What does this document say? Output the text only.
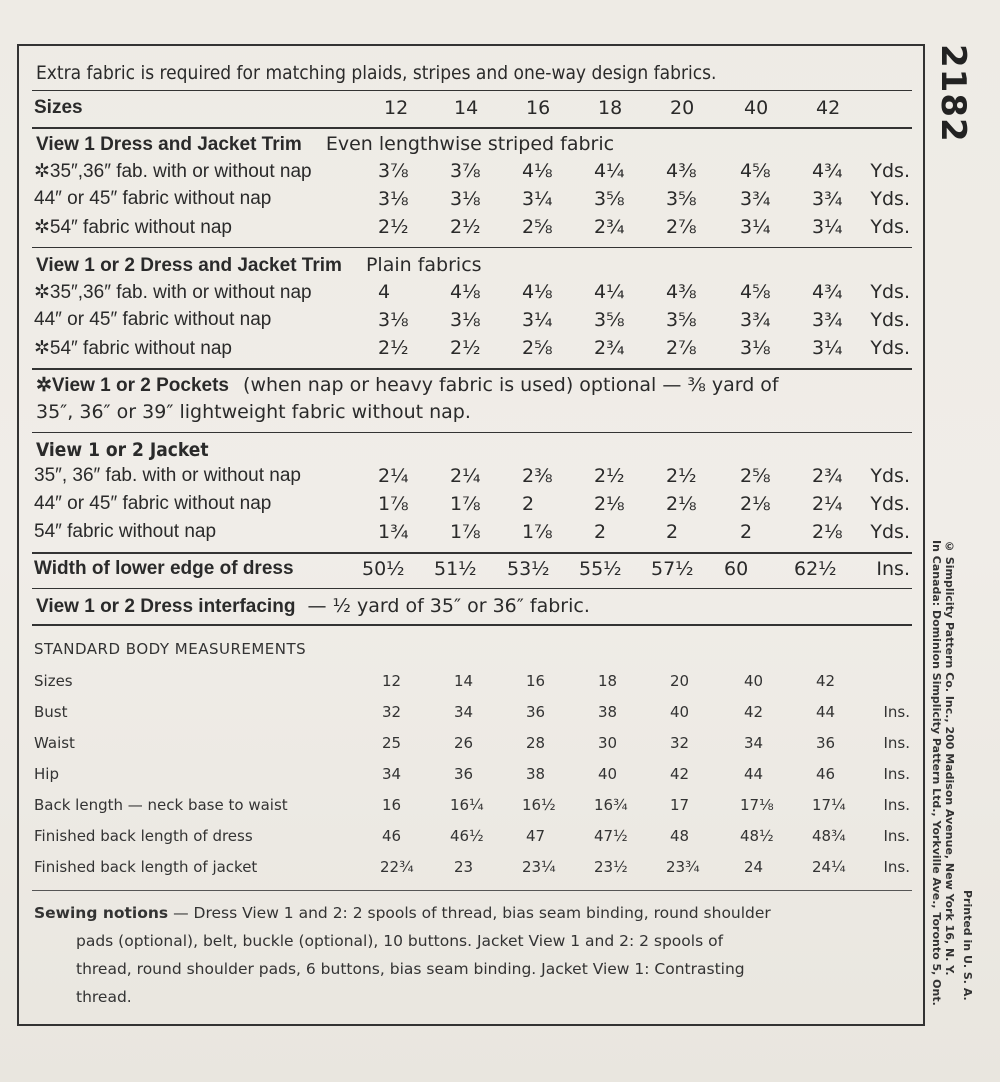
2182
© Simplicity Pattern Co. Inc., 200 Madison Avenue, New York 16, N. Y.
In Canada: Dominion Simplicity Pattern Ltd., Yorkville Ave., Toronto 5, Ont.
Extra fabric is required for matching plaids, stripes and one-way design fabrics.
Sizes	12 14	16	18	20	40	42
View 1 Dress and Jacket Trim Even lengthwise striped fabric
✲35″,36″ fab. with or without nap	3⅞ 3⅞ 4⅛ 4¼ 4⅜ 4⅝ 4¾ Yds.
44″ or 45″ fabric without nap	3⅛ 3⅛ 3¼ 3⅝ 3⅝ 3¾ 3¾ Yds.
✲54″ fabric without nap	2½ 2½ 2⅝ 2¾ 2⅞ 3¼ 3¼ Yds.
View 1 or 2 Dress and Jacket Trim Plain fabrics
✲35″,36″ fab. with or without nap	4	4⅛ 4⅛ 4¼ 4⅜ 4⅝ 4¾ Yds.
44″ or 45″ fabric without nap	3⅛ 3⅛ 3¼ 3⅝ 3⅝ 3¾ 3¾ Yds.
✲54″ fabric without nap	2½ 2½ 2⅝ 2¾ 2⅞ 3⅛ 3¼ Yds.
✲View 1 or 2 Pockets (when nap or heavy fabric is used) optional — ⅜ yard of
35″, 36″ or 39″ lightweight fabric without nap.
View 1 or 2 Jacket
35″, 36″ fab. with or without nap	2¼ 2¼ 2⅜ 2½ 2½ 2⅝ 2¾ Yds.
44″ or 45″ fabric without nap	1⅞ 1⅞ 2	2⅛ 2⅛ 2⅛ 2¼ Yds.
54″ fabric without nap	1¾ 1⅞ 1⅞ 2	2	2	2⅛ Yds.
Width of lower edge of dress	50½ 51½ 53½ 55½ 57½ 60 62½ Ins.
View 1 or 2 Dress interfacing — ½ yard of 35″ or 36″ fabric.
STANDARD BODY MEASUREMENTS
Sizes	12	14	16	18	20	40	42
Bust	32	34	36	38	40	42	44	Ins.
Waist	25	26	28	30	32	34	36	Ins.
Hip	34	36	38	40	42	44	46	Ins.
Back length — neck base to waist	16	16¼	16½	16¾	17	17⅛	17¼	Ins.
Finished back length of dress	46	46½	47	47½	48	48½	48¾	Ins.
Finished back length of jacket	22¾	23	23¼	23½	23¾	24	24¼	Ins.
Sewing notions — Dress View 1 and 2: 2 spools of thread, bias seam binding, round shoulder
pads (optional), belt, buckle (optional), 10 buttons. Jacket View 1 and 2: 2 spools of
thread, round shoulder pads, 6 buttons, bias seam binding. Jacket View 1: Contrasting
thread.	Printed in U. S. A.
